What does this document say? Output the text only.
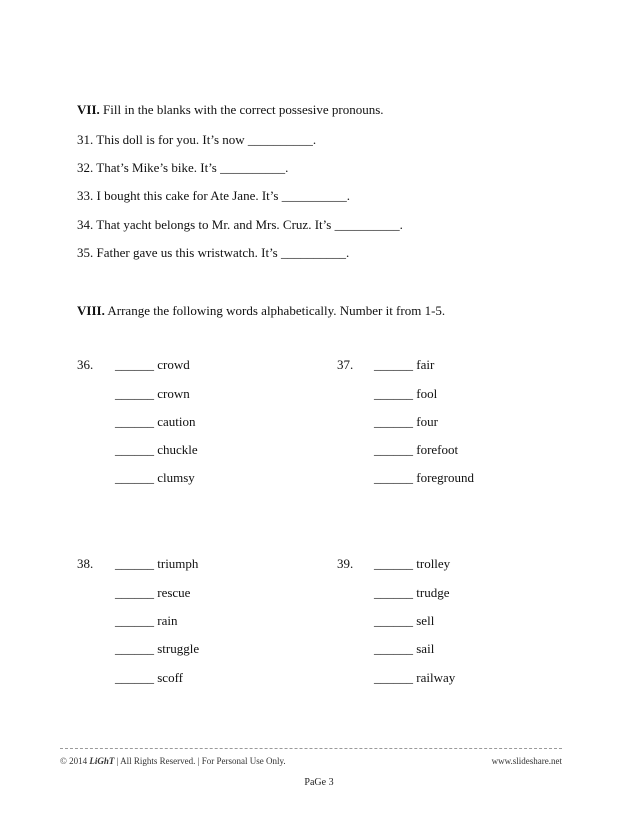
VII. Fill in the blanks with the correct possesive pronouns.
31. This doll is for you. It’s now __________.
32. That’s Mike’s bike. It’s __________.
33. I bought this cake for Ate Jane. It’s __________.
34. That yacht belongs to Mr. and Mrs. Cruz. It’s __________.
35. Father gave us this wristwatch. It’s __________.
VIII. Arrange the following words alphabetically. Number it from 1-5.
36. ______ crowd
______ crown
______ caution
______ chuckle
______ clumsy
37. ______ fair
______ fool
______ four
______ forefoot
______ foreground
38. ______ triumph
______ rescue
______ rain
______ struggle
______ scoff
39. ______ trolley
______ trudge
______ sell
______ sail
______ railway
© 2014 LiGhT | All Rights Reserved. | For Personal Use Only.	www.slideshare.net
PaGe 3
